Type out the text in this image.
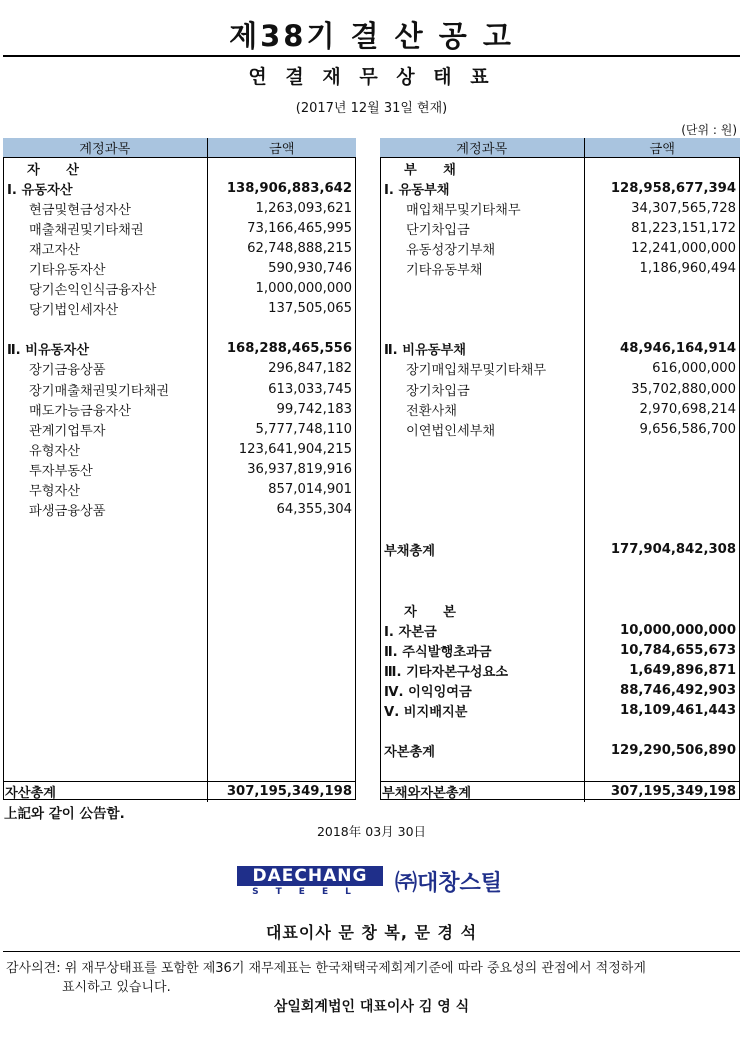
제38기 결 산 공 고
연 결 재 무 상 태 표
(2017년 12월 31일 현재)
(단위 : 원)
계정과목	금액
자　　산	
Ⅰ. 유동자산	138,906,883,642
현금및현금성자산	1,263,093,621
매출채권및기타채권	73,166,465,995
재고자산	62,748,888,215
기타유동자산	590,930,746
당기손익인식금융자산	1,000,000,000
당기법인세자산	137,505,065

Ⅱ. 비유동자산	168,288,465,556
장기금융상품	296,847,182
장기매출채권및기타채권	613,033,745
매도가능금융자산	99,742,183
관계기업투자	5,777,748,110
유형자산	123,641,904,215
투자부동산	36,937,819,916
무형자산	857,014,901
파생금융상품	64,355,304

자산총계	307,195,349,198
계정과목	금액
부　　채	
Ⅰ. 유동부채	128,958,677,394
매입채무및기타채무	34,307,565,728
단기차입금	81,223,151,172
유동성장기부채	12,241,000,000
기타유동부채	1,186,960,494

Ⅱ. 비유동부채	48,946,164,914
장기매입채무및기타채무	616,000,000
장기차입금	35,702,880,000
전환사채	2,970,698,214
이연법인세부채	9,656,586,700

부채총계	177,904,842,308

자　　본	
Ⅰ. 자본금	10,000,000,000
Ⅱ. 주식발행초과금	10,784,655,673
Ⅲ. 기타자본구성요소	1,649,896,871
Ⅳ. 이익잉여금	88,746,492,903
Ⅴ. 비지배지분	18,109,461,443

자본총계	129,290,506,890

부채와자본총계	307,195,349,198
上記와 같이 公告함.
2018年 03月 30日
DAECHANG
STEEL	㈜대창스틸
대표이사 문 창 복, 문 경 석
감사의견: 위 재무상태표를 포함한 제36기 재무제표는 한국채택국제회계기준에 따라 중요성의 관점에서 적정하게
표시하고 있습니다.
삼일회계법인 대표이사 김 영 식
